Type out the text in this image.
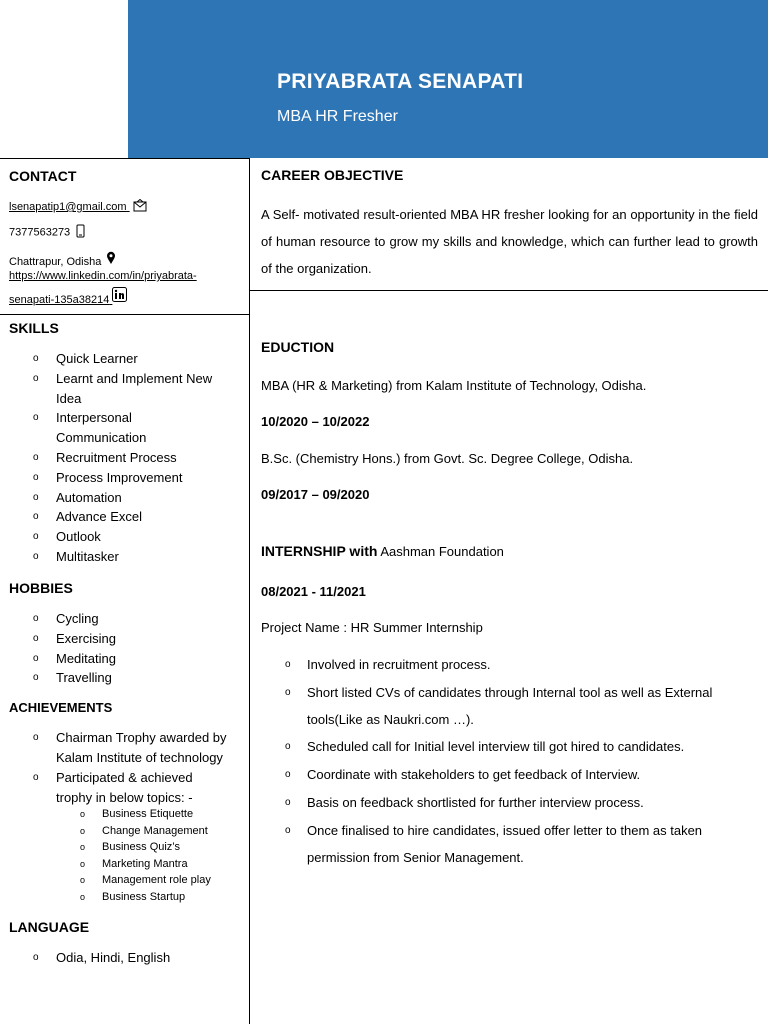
PRIYABRATA SENAPATI
MBA HR Fresher
CONTACT
lsenapatip1@gmail.com
7377563273
Chattrapur, Odisha
https://www.linkedin.com/in/priyabrata-
senapati-135a38214
SKILLS
o Quick Learner
o Learnt and Implement New
Idea
o Interpersonal
Communication
o Recruitment Process
o Process Improvement
o Automation
o Advance Excel
o Outlook
o Multitasker
HOBBIES
o Cycling
o Exercising
o Meditating
o Travelling
ACHIEVEMENTS
o Chairman Trophy awarded by
Kalam Institute of technology
o Participated & achieved
trophy in below topics: -
o Business Etiquette
o Change Management
o Business Quiz’s
o Marketing Mantra
o Management role play
o Business Startup
LANGUAGE
o Odia, Hindi, English
CAREER OBJECTIVE
A Self- motivated result-oriented MBA HR fresher looking for an opportunity in the field of human resource to grow my skills and knowledge, which can further lead to growth of the organization.
EDUCTION
MBA (HR & Marketing) from Kalam Institute of Technology, Odisha.
10/2020 – 10/2022
B.Sc. (Chemistry Hons.) from Govt. Sc. Degree College, Odisha.
09/2017 – 09/2020
INTERNSHIP with Aashman Foundation
08/2021 - 11/2021
Project Name : HR Summer Internship
o Involved in recruitment process.
o Short listed CVs of candidates through Internal tool as well as External
tools(Like as Naukri.com …).
o Scheduled call for Initial level interview till got hired to candidates.
o Coordinate with stakeholders to get feedback of Interview.
o Basis on feedback shortlisted for further interview process.
o Once finalised to hire candidates, issued offer letter to them as taken
permission from Senior Management.
